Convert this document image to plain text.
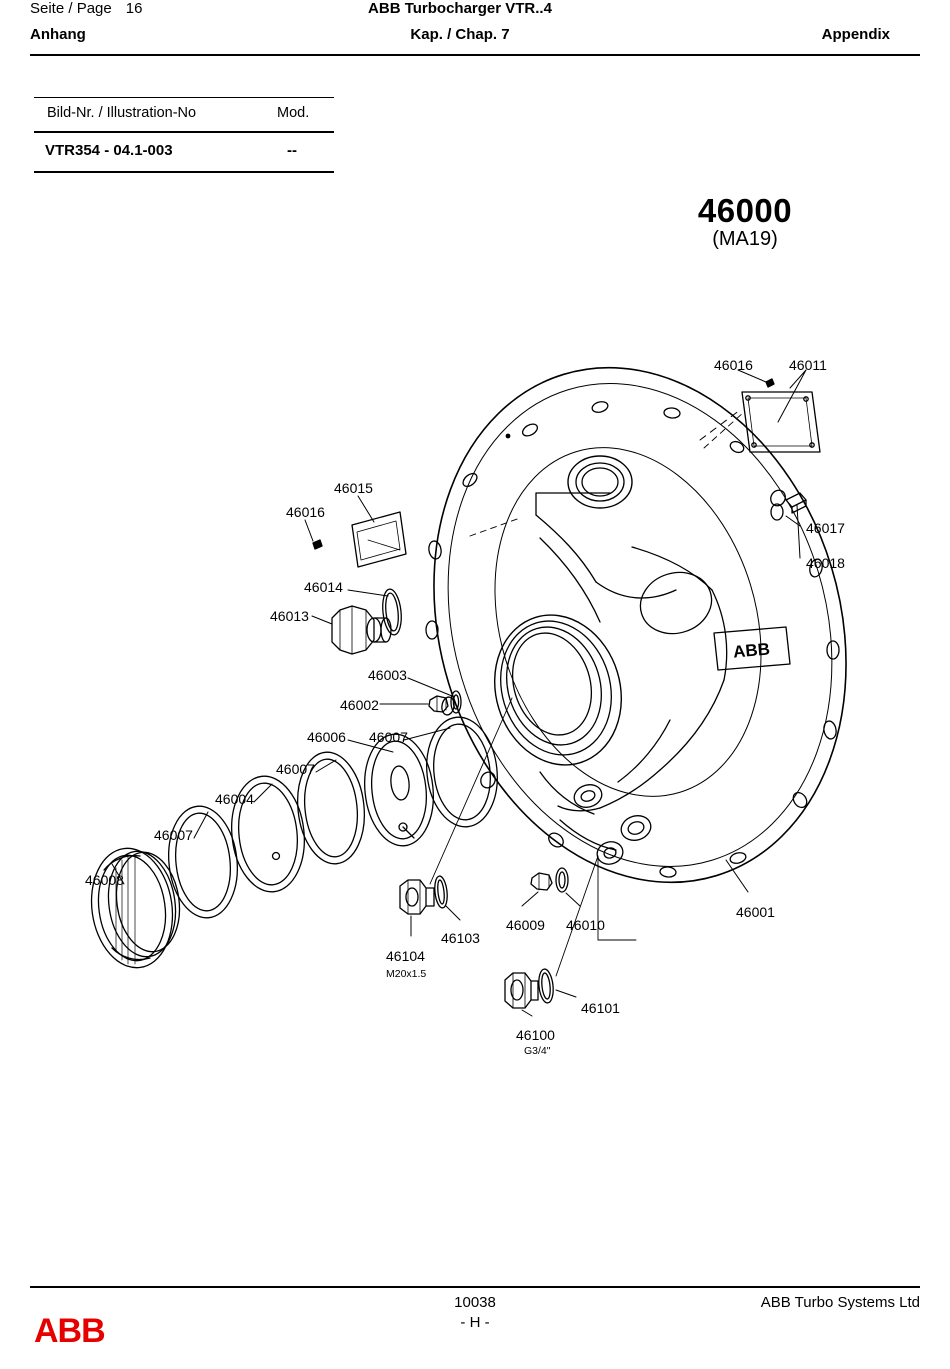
Seite / Page 16	ABB Turbocharger VTR..4
Anhang	Kap. / Chap. 7	Appendix
Bild-Nr. / Illustration-No	Mod.
VTR354 - 04.1-003	--
46000
(MA19)
ABB
46016	46011
46015
46016
46017
46018
46014
46013
46003
46002
46006 46007
46007
46004
46007
46008
46001
46103
46009 46010
46104
M20x1.5
46101
46100
G3/4"
10038
- H -
ABB Turbo Systems Ltd
ABB
